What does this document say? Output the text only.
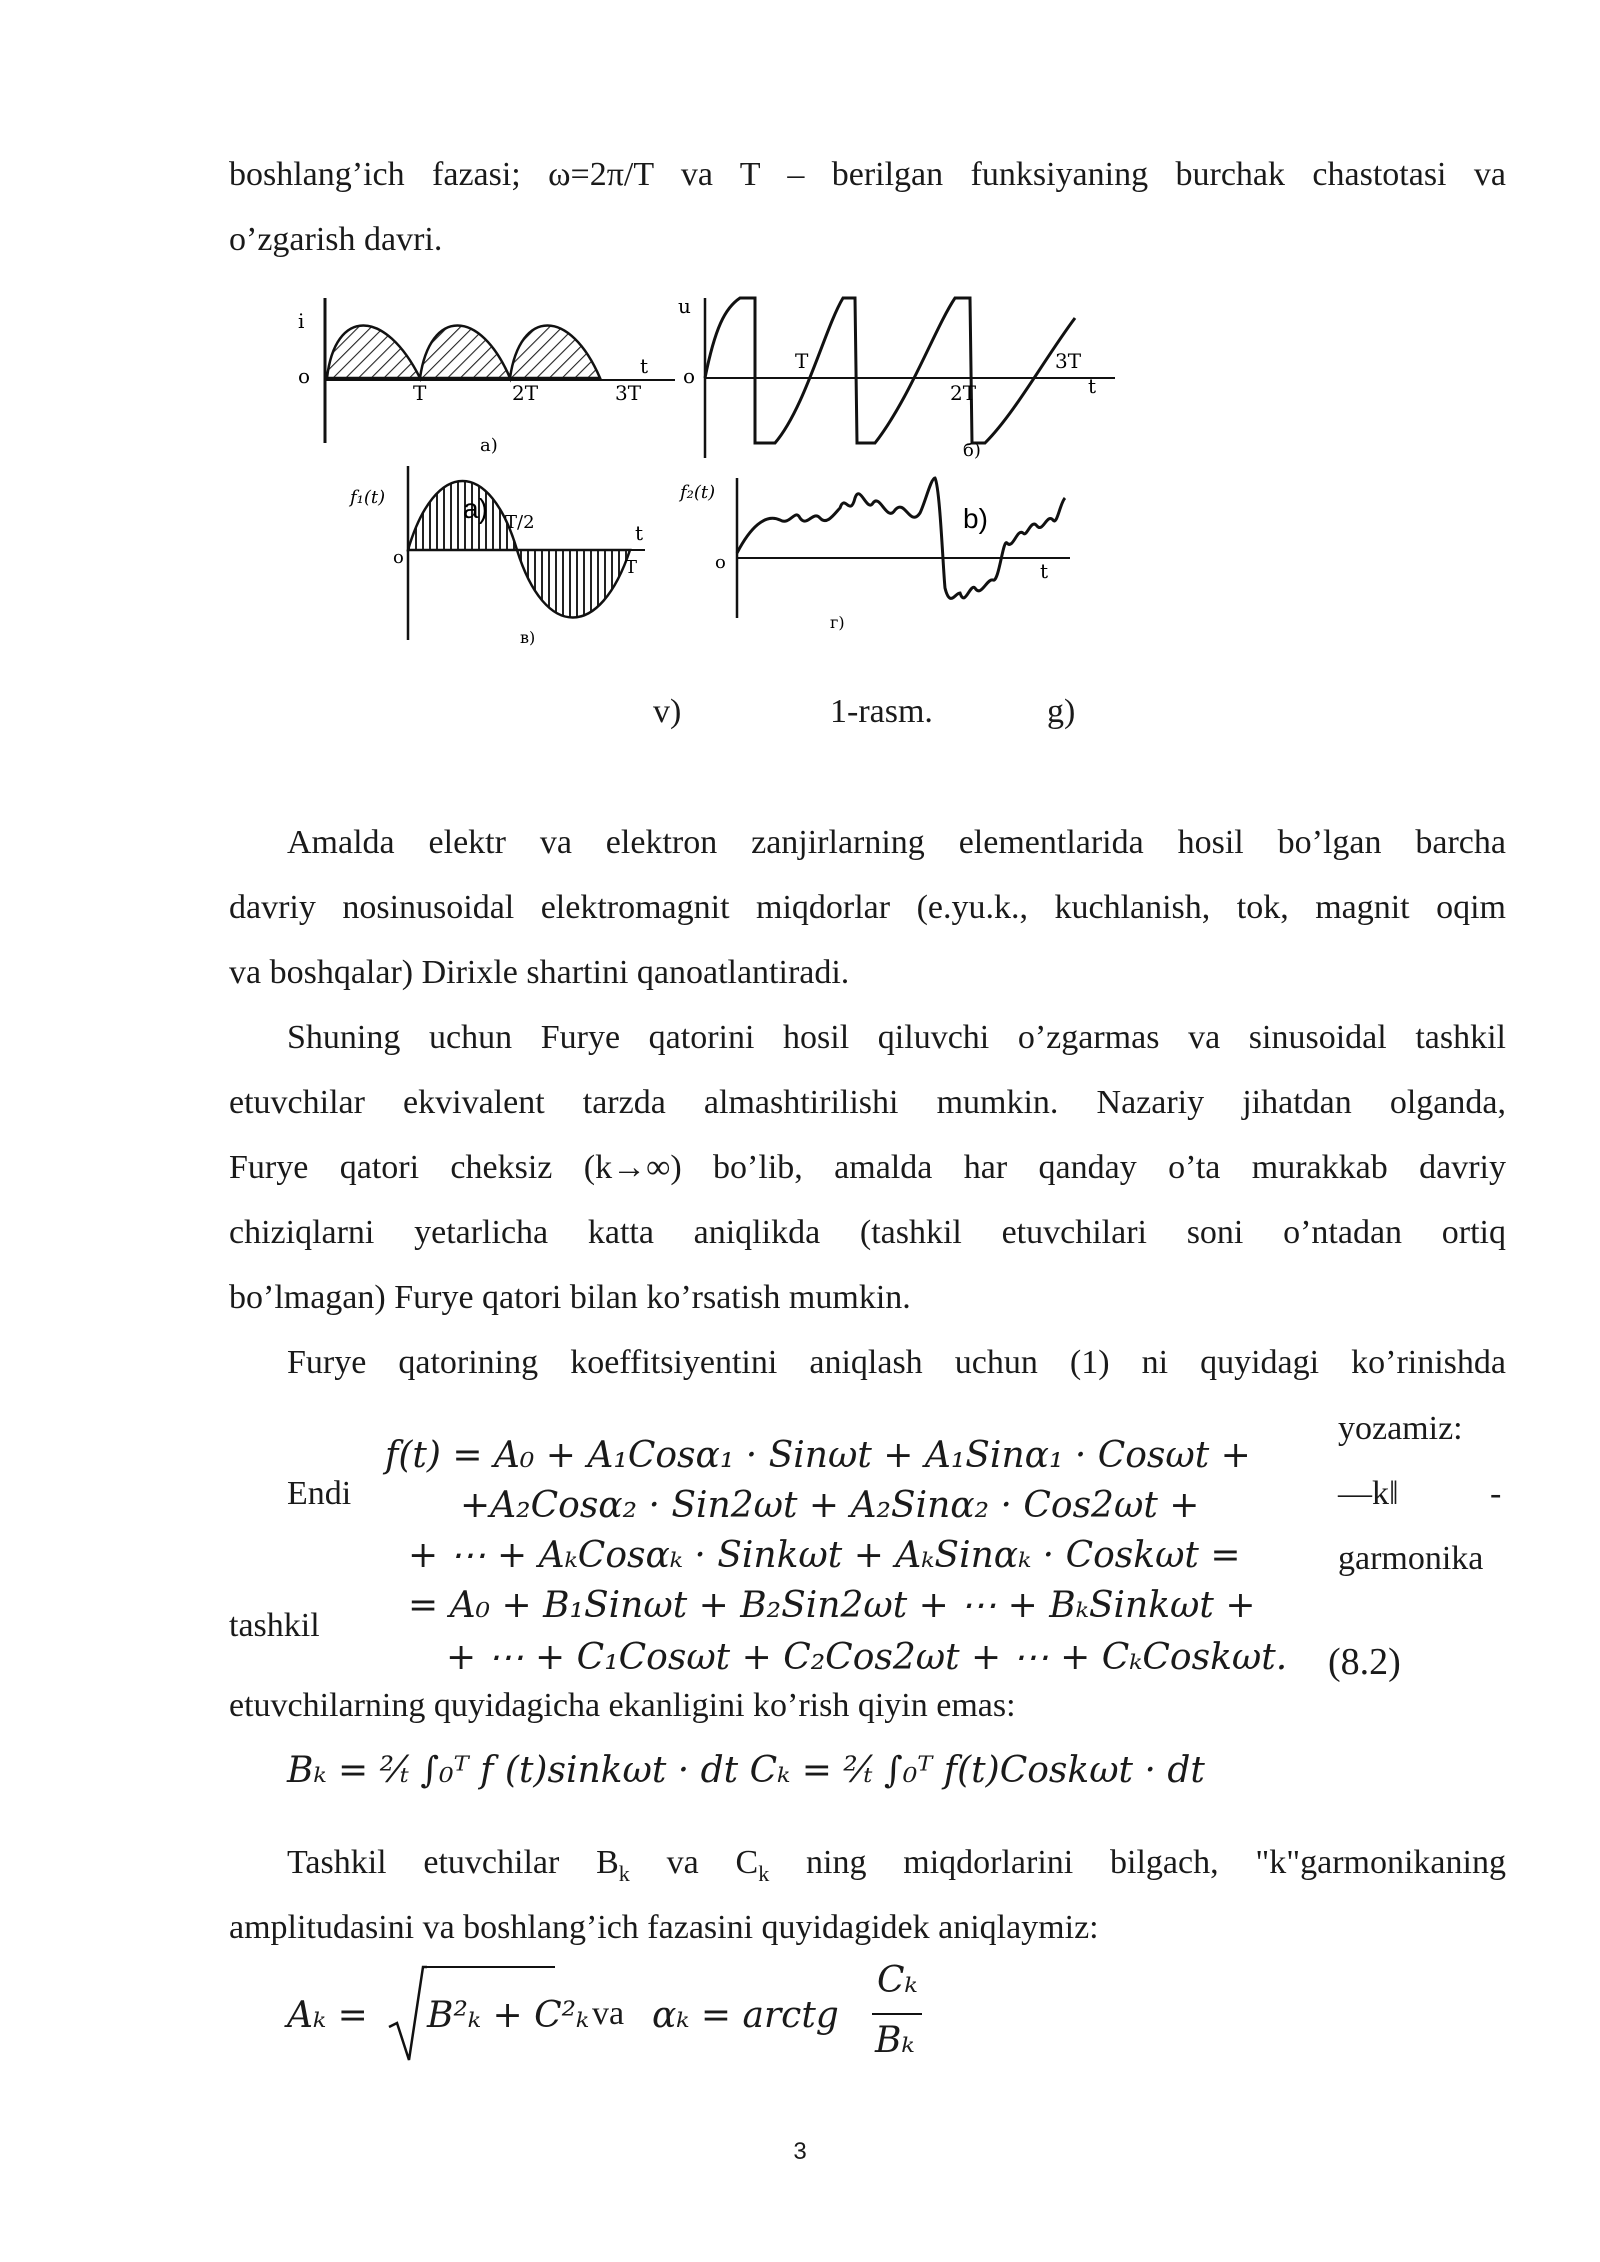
boshlang’ich fazasi; ω=2π/T va T – berilgan funksiyaning burchak chastotasi va
o’zgarish davri.
i
o	t
T	2T	3T
a)
u
o
T
2T
3T
t
б)
f₁(t)
o
T/2
T
t
в)
a)
f₂(t)
o	t
г)
b)
v)	1-rasm.	g)
Amalda elektr va elektron zanjirlarning elementlarida hosil bo’lgan barcha
davriy nosinusoidal elektromagnit miqdorlar (e.yu.k., kuchlanish, tok, magnit oqim
va boshqalar) Dirixle shartini qanoatlantiradi.
Shuning uchun Furye qatorini hosil qiluvchi o’zgarmas va sinusoidal tashkil
etuvchilar ekvivalent tarzda almashtirilishi mumkin. Nazariy jihatdan olganda,
Furye qatori cheksiz (k→∞) bo’lib, amalda har qanday o’ta murakkab davriy
chiziqlarni yetarlicha katta aniqlikda (tashkil etuvchilari soni o’ntadan ortiq
bo’lmagan) Furye qatori bilan ko’rsatish mumkin.
Furye qatorining koeffitsiyentini aniqlash uchun (1) ni quyidagi ko’rinishda
yozamiz:
Endi	―k‖	-
garmonika
tashkil
f(t) = A₀ + A₁Cosα₁ · Sinωt + A₁Sinα₁ · Cosωt +
+A₂Cosα₂ · Sin2ωt + A₂Sinα₂ · Cos2ωt +
+ ⋯ + AₖCosαₖ · Sinkωt + AₖSinαₖ · Coskωt =
= A₀ + B₁Sinωt + B₂Sin2ωt + ⋯ + BₖSinkωt +
+ ⋯ + C₁Cosωt + C₂Cos2ωt + ⋯ + CₖCoskωt. (8.2)
etuvchilarning quyidagicha ekanligini ko’rish qiyin emas:
Bₖ = ²⁄ₜ ∫₀ᵀ f (t)sinkωt · dt Cₖ = ²⁄ₜ ∫₀ᵀ f(t)Coskωt · dt
Tashkil etuvchilar $B_k$ va $C_k$ ning miqdorlarini bilgach, "k"garmonikaning
amplitudasini va boshlang’ich fazasini quyidagidek aniqlaymiz:
Aₖ = B²ₖ + C²ₖ va αₖ = arctg
Cₖ
Bₖ
3
